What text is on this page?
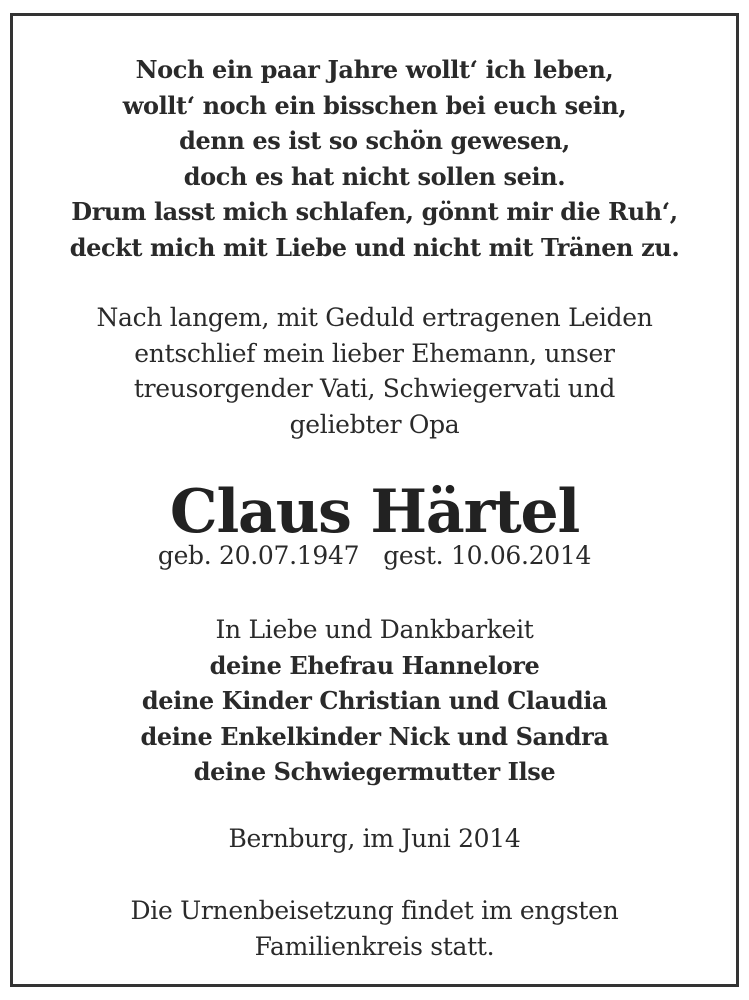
Noch ein paar Jahre wollt‘ ich leben,
wollt‘ noch ein bisschen bei euch sein,
denn es ist so schön gewesen,
doch es hat nicht sollen sein.
Drum lasst mich schlafen, gönnt mir die Ruh‘,
deckt mich mit Liebe und nicht mit Tränen zu.
Nach langem, mit Geduld ertragenen Leiden
entschlief mein lieber Ehemann, unser
treusorgender Vati, Schwiegervati und
geliebter Opa
Claus Härtel
geb. 20.07.1947 gest. 10.06.2014
In Liebe und Dankbarkeit
deine Ehefrau Hannelore
deine Kinder Christian und Claudia
deine Enkelkinder Nick und Sandra
deine Schwiegermutter Ilse
Bernburg, im Juni 2014
Die Urnenbeisetzung findet im engsten
Familienkreis statt.
